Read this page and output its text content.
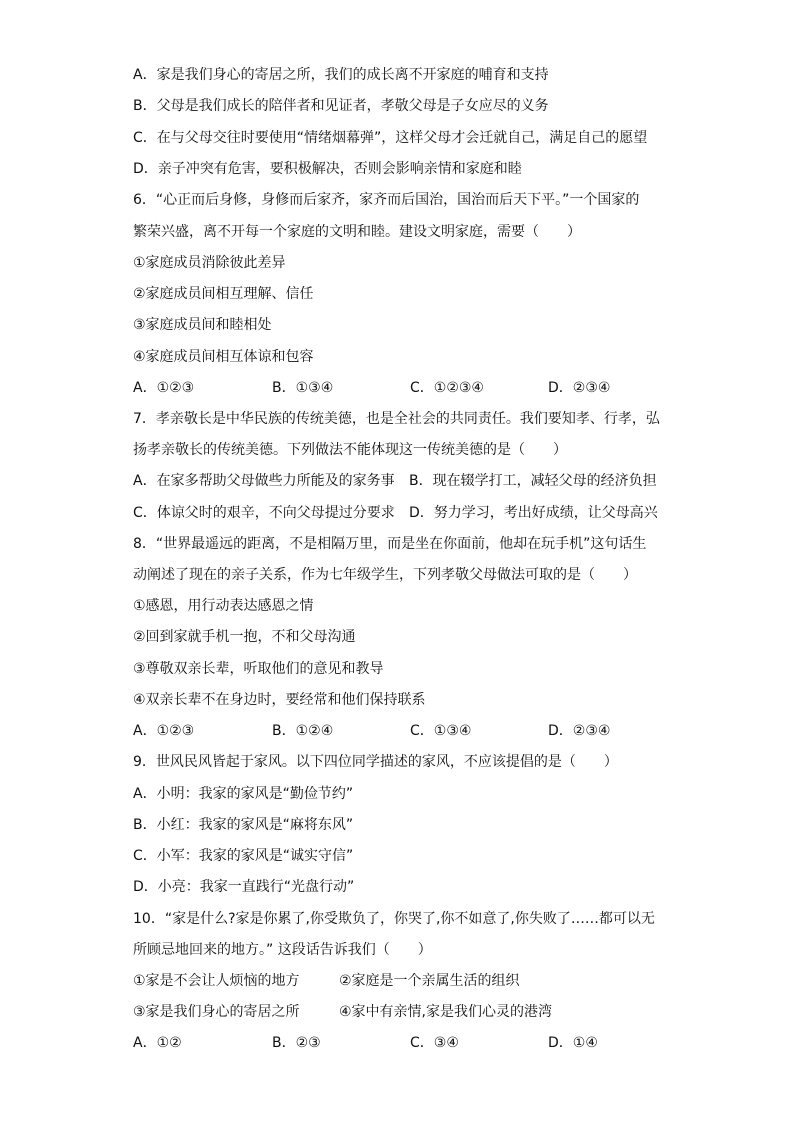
A．家是我们身心的寄居之所，我们的成长离不开家庭的哺育和支持
B．父母是我们成长的陪伴者和见证者，孝敬父母是子女应尽的义务
C．在与父母交往时要使用“情绪烟幕弹”，这样父母才会迁就自己，满足自己的愿望
D．亲子冲突有危害，要积极解决，否则会影响亲情和家庭和睦
6．“心正而后身修，身修而后家齐，家齐而后国治，国治而后天下平。”一个国家的
繁荣兴盛，离不开每一个家庭的文明和睦。建设文明家庭，需要（　　）
①家庭成员消除彼此差异
②家庭成员间相互理解、信任
③家庭成员间和睦相处
④家庭成员间相互体谅和包容
A．①②③	B．①③④	C．①②③④	D．②③④
7．孝亲敬长是中华民族的传统美德，也是全社会的共同责任。我们要知孝、行孝，弘
扬孝亲敬长的传统美德。下列做法不能体现这一传统美德的是（　　）
A．在家多帮助父母做些力所能及的家务事 B．现在辍学打工，减轻父母的经济负担
C．体谅父时的艰辛，不向父母提过分要求 D．努力学习，考出好成绩，让父母高兴
8．“世界最遥远的距离，不是相隔万里，而是坐在你面前，他却在玩手机”这句话生
动阐述了现在的亲子关系，作为七年级学生，下列孝敬父母做法可取的是（　　）
①感恩，用行动表达感恩之情
②回到家就手机一抱，不和父母沟通
③尊敬双亲长辈，听取他们的意见和教导
④双亲长辈不在身边时，要经常和他们保持联系
A．①②③	B．①②④	C．①③④	D．②③④
9．世风民风皆起于家风。以下四位同学描述的家风，不应该提倡的是（　　）
A．小明：我家的家风是“勤俭节约”
B．小红：我家的家风是“麻将东风”
C．小军：我家的家风是“诚实守信”
D．小亮：我家一直践行“光盘行动”
10．“家是什么?家是你累了,你受欺负了，你哭了,你不如意了,你失败了……都可以无
所顾忌地回来的地方。” 这段话告诉我们（　　）
①家是不会让人烦恼的地方	②家庭是一个亲属生活的组织
③家是我们身心的寄居之所	④家中有亲情,家是我们心灵的港湾
A．①②	B．②③	C．③④	D．①④
